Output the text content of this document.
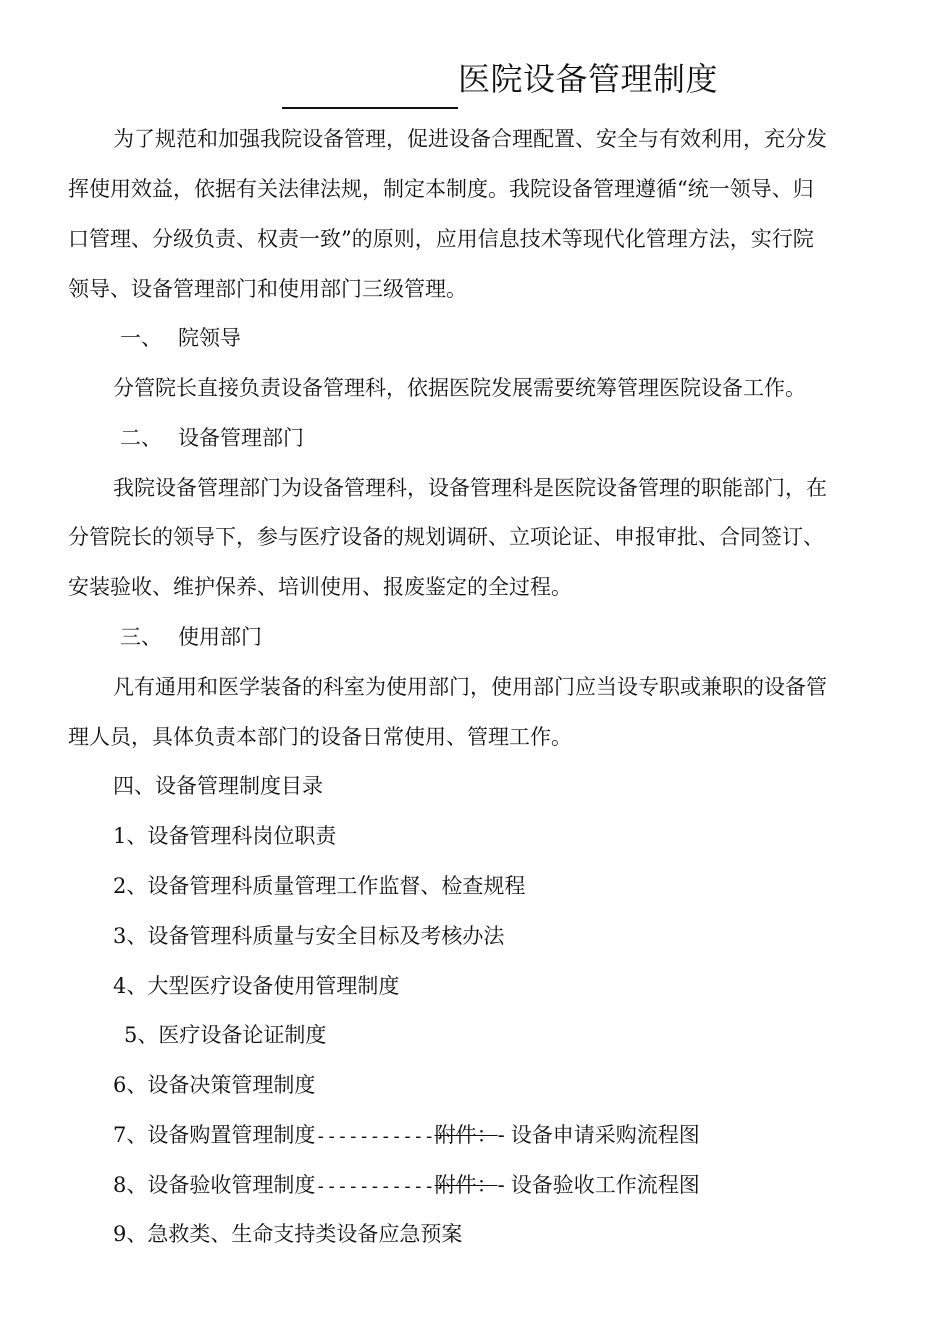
医院设备管理制度
为了规范和加强我院设备管理，促进设备合理配置、安全与有效利用，充分发
挥使用效益，依据有关法律法规，制定本制度。我院设备管理遵循“统一领导、归
口管理、分级负责、权责一致”的原则，应用信息技术等现代化管理方法，实行院
领导、设备管理部门和使用部门三级管理。
一、 院领导
分管院长直接负责设备管理科，依据医院发展需要统筹管理医院设备工作。
二、 设备管理部门
我院设备管理部门为设备管理科，设备管理科是医院设备管理的职能部门，在
分管院长的领导下，参与医疗设备的规划调研、立项论证、申报审批、合同签订、
安装验收、维护保养、培训使用、报废鉴定的全过程。
三、 使用部门
凡有通用和医学装备的科室为使用部门，使用部门应当设专职或兼职的设备管
理人员，具体负责本部门的设备日常使用、管理工作。
四、设备管理制度目录
1、设备管理科岗位职责
2、设备管理科质量管理工作监督、检查规程
3、设备管理科质量与安全目标及考核办法
4、大型医疗设备使用管理制度
5、医疗设备论证制度
6、设备决策管理制度
7、设备购置管理制度-----------附件：- 设备申请采购流程图
8、设备验收管理制度-----------附件：- 设备验收工作流程图
9、急救类、生命支持类设备应急预案
